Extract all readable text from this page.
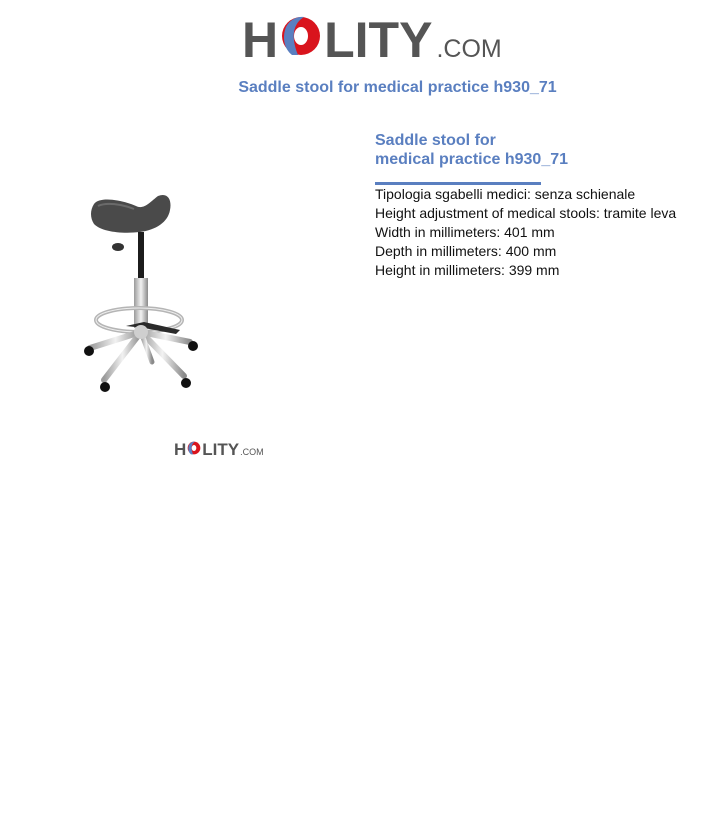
H LITY .COM
Saddle stool for medical practice h930_71
Saddle stool for
medical practice h930_71
Tipologia sgabelli medici: senza schienale
Height adjustment of medical stools: tramite leva
Width in millimeters: 401 mm
Depth in millimeters: 400 mm
Height in millimeters: 399 mm
H LITY .COM
